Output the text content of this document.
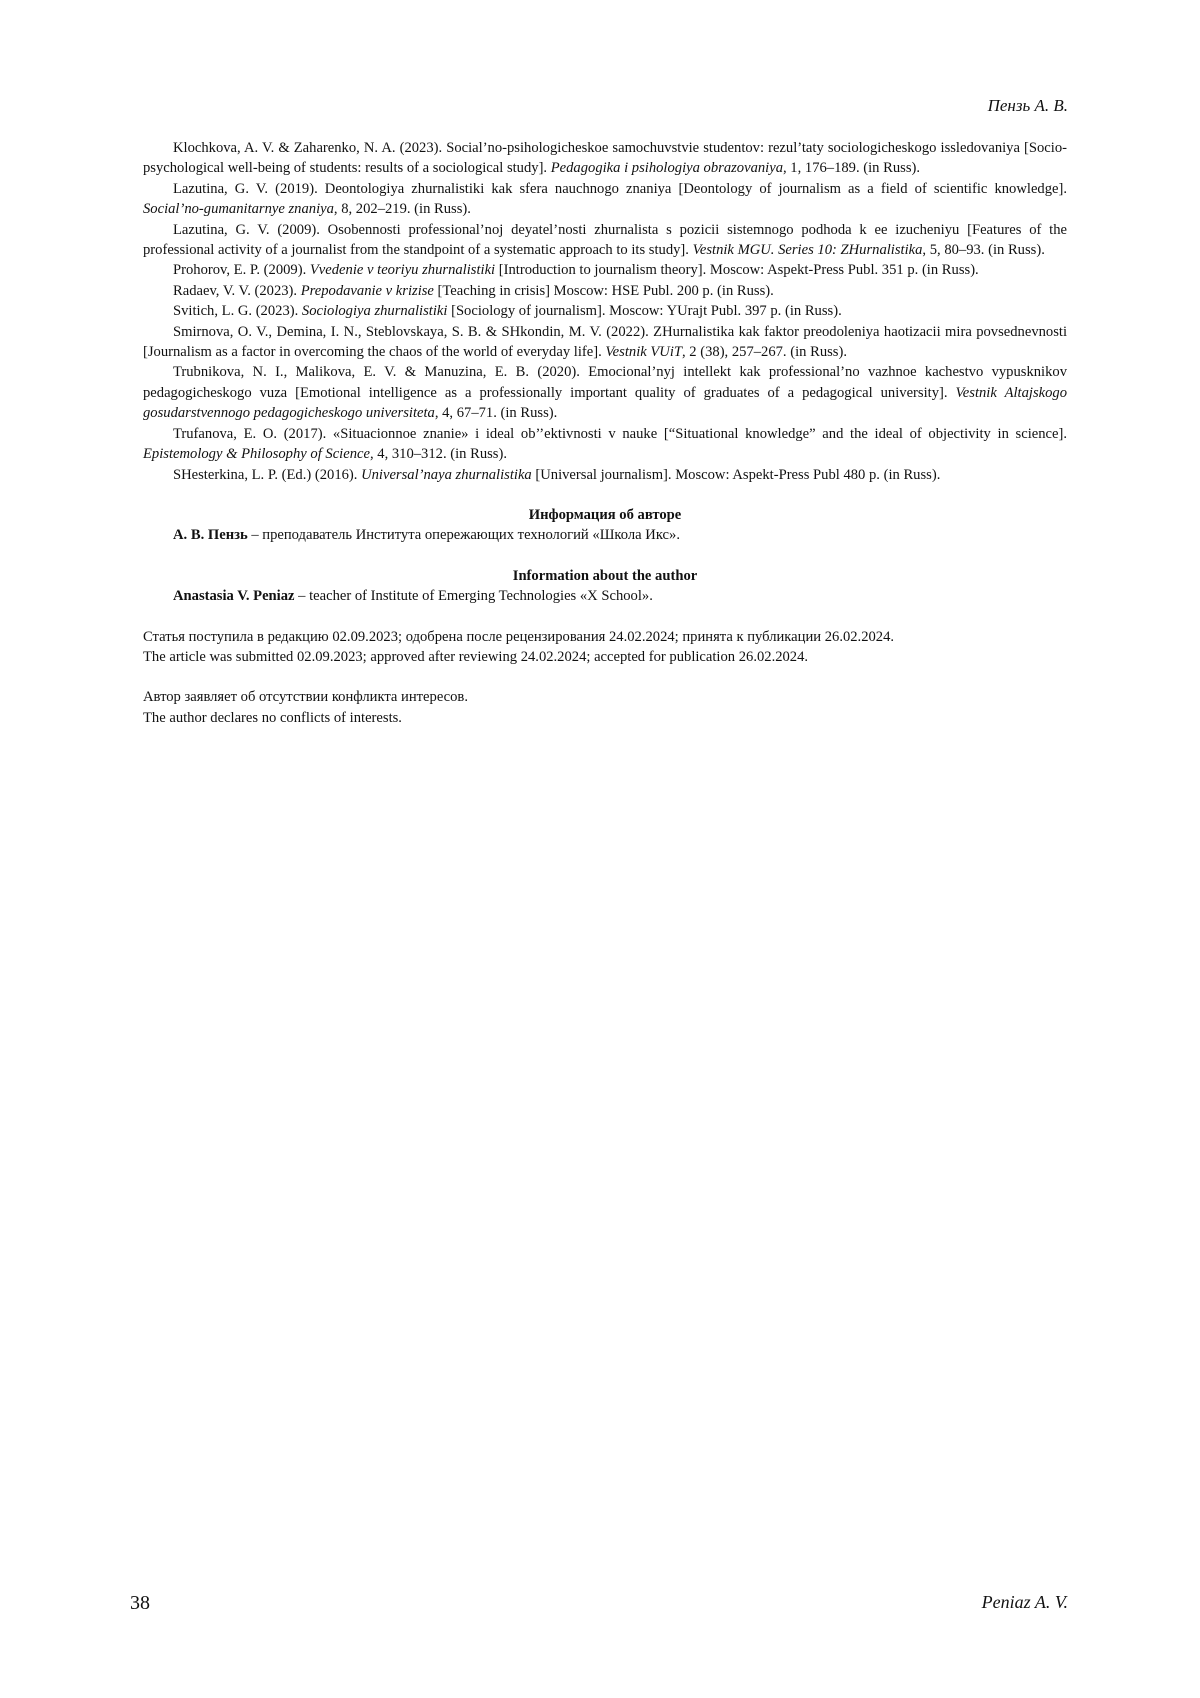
Пензь А. В.

Klochkova, A. V. & Zaharenko, N. A. (2023). Social’no-psihologicheskoe samochuvstvie studentov: rezul’taty sociologicheskogo issledovaniya [Socio-psychological well-being of students: results of a sociological study]. Pedagogika i psihologiya obrazovaniya, 1, 176–189. (in Russ).

Lazutina, G. V. (2019). Deontologiya zhurnalistiki kak sfera nauchnogo znaniya [Deontology of journalism as a field of scientific knowledge]. Social’no-gumanitarnye znaniya, 8, 202–219. (in Russ).

Lazutina, G. V. (2009). Osobennosti professional’noj deyatel’nosti zhurnalista s pozicii sistemnogo podhoda k ee izucheniyu [Features of the professional activity of a journalist from the standpoint of a systematic approach to its study]. Vestnik MGU. Series 10: ZHurnalistika, 5, 80–93. (in Russ).

Prohorov, E. P. (2009). Vvedenie v teoriyu zhurnalistiki [Introduction to journalism theory]. Moscow: Aspekt-Press Publ. 351 p. (in Russ).

Radaev, V. V. (2023). Prepodavanie v krizise [Teaching in crisis] Moscow: HSE Publ. 200 p. (in Russ).

Svitich, L. G. (2023). Sociologiya zhurnalistiki [Sociology of journalism]. Moscow: YUrajt Publ. 397 p. (in Russ).

Smirnova, O. V., Demina, I. N., Steblovskaya, S. B. & SHkondin, M. V. (2022). ZHurnalistika kak faktor preodoleniya haotizacii mira povsednevnosti [Journalism as a factor in overcoming the chaos of the world of everyday life]. Vestnik VUiT, 2 (38), 257–267. (in Russ).

Trubnikova, N. I., Malikova, E. V. & Manuzina, E. B. (2020). Emocional’nyj intellekt kak professional’no vazhnoe kachestvo vypusknikov pedagogicheskogo vuza [Emotional intelligence as a professionally important quality of graduates of a pedagogical university]. Vestnik Altajskogo gosudarstvennogo pedagogicheskogo universiteta, 4, 67–71. (in Russ).

Trufanova, E. O. (2017). «Situacionnoe znanie» i ideal ob’’ektivnosti v nauke [“Situational knowledge” and the ideal of objectivity in science]. Epistemology & Philosophy of Science, 4, 310–312. (in Russ).

SHesterkina, L. P. (Ed.) (2016). Universal’naya zhurnalistika [Universal journalism]. Moscow: Aspekt-Press Publ 480 p. (in Russ).

Информация об авторе

А. В. Пензь – преподаватель Института опережающих технологий «Школа Икс».

Information about the author

Anastasia V. Peniaz – teacher of Institute of Emerging Technologies «X School».

Статья поступила в редакцию 02.09.2023; одобрена после рецензирования 24.02.2024; принята к публикации 26.02.2024.

The article was submitted 02.09.2023; approved after reviewing 24.02.2024; accepted for publication 26.02.2024.

Автор заявляет об отсутствии конфликта интересов.

The author declares no conflicts of interests.

38	Peniaz A. V.
